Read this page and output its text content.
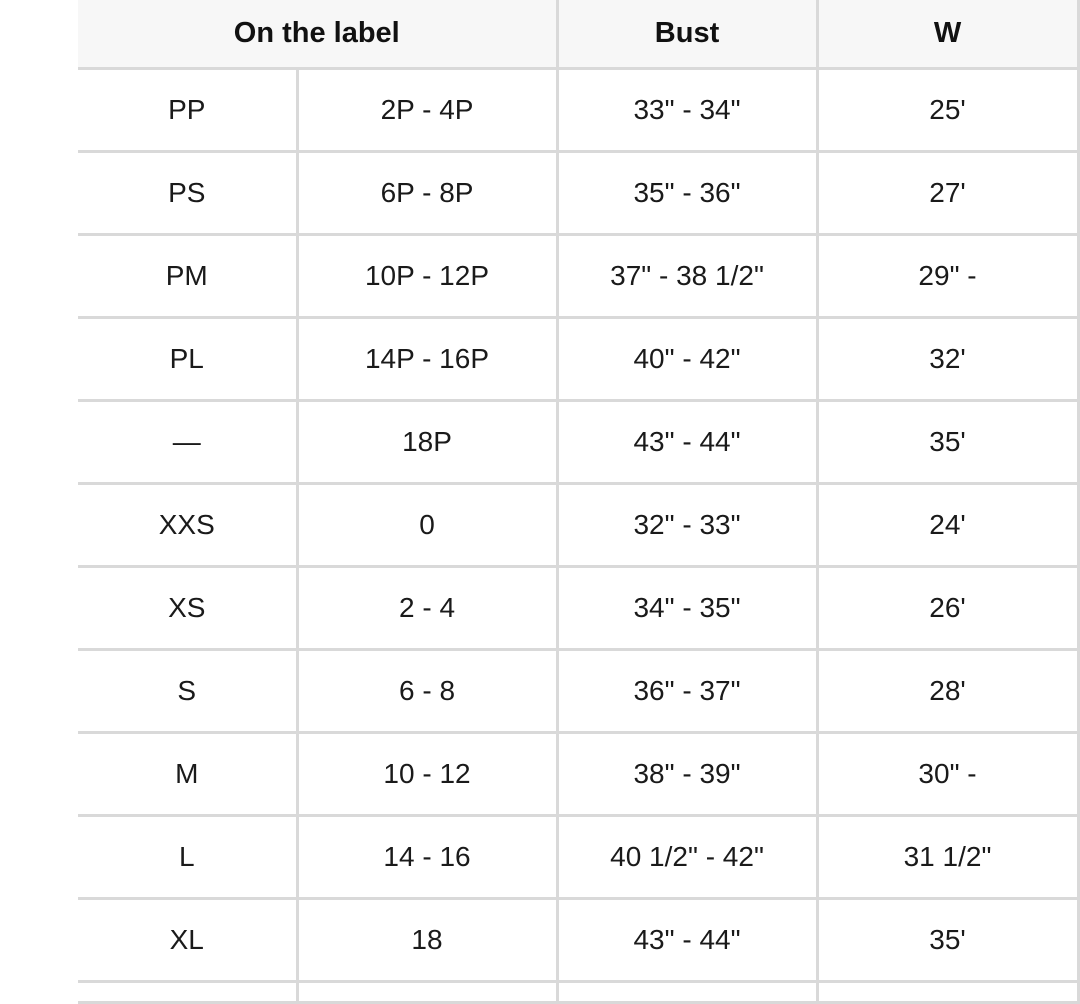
On the label		Bust	W
PP	2P - 4P	33" - 34"	25'
PS	6P - 8P	35" - 36"	27'
PM	10P - 12P	37" - 38 1/2"	29" -
PL	14P - 16P	40" - 42"	32'
—	18P	43" - 44"	35'
XXS	0	32" - 33"	24'
XS	2 - 4	34" - 35"	26'
S	6 - 8	36" - 37"	28'
M	10 - 12	38" - 39"	30" -
L	14 - 16	40 1/2" - 42"	31 1/2"
XL	18	43" - 44"	35'
